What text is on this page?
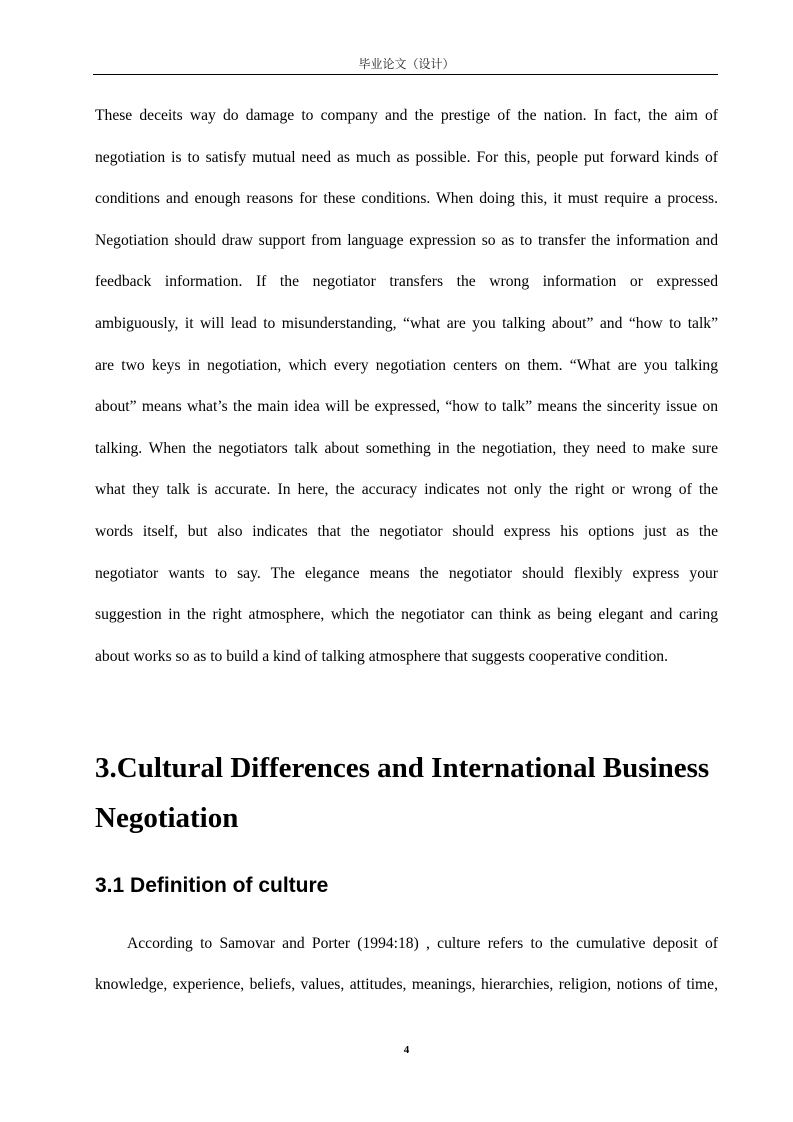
毕业论文（设计）
These deceits way do damage to company and the prestige of the nation. In fact, the aim of
negotiation is to satisfy mutual need as much as possible. For this, people put forward kinds of
conditions and enough reasons for these conditions. When doing this, it must require a process.
Negotiation should draw support from language expression so as to transfer the information and
feedback information. If the negotiator transfers the wrong information or expressed
ambiguously, it will lead to misunderstanding, “what are you talking about” and “how to talk”
are two keys in negotiation, which every negotiation centers on them. “What are you talking
about” means what’s the main idea will be expressed, “how to talk” means the sincerity issue on
talking. When the negotiators talk about something in the negotiation, they need to make sure
what they talk is accurate. In here, the accuracy indicates not only the right or wrong of the
words itself, but also indicates that the negotiator should express his options just as the
negotiator wants to say. The elegance means the negotiator should flexibly express your
suggestion in the right atmosphere, which the negotiator can think as being elegant and caring
about works so as to build a kind of talking atmosphere that suggests cooperative condition.
3.Cultural Differences and International Business
Negotiation
3.1 Definition of culture
According to Samovar and Porter (1994:18) , culture refers to the cumulative deposit of
knowledge, experience, beliefs, values, attitudes, meanings, hierarchies, religion, notions of time,
4
